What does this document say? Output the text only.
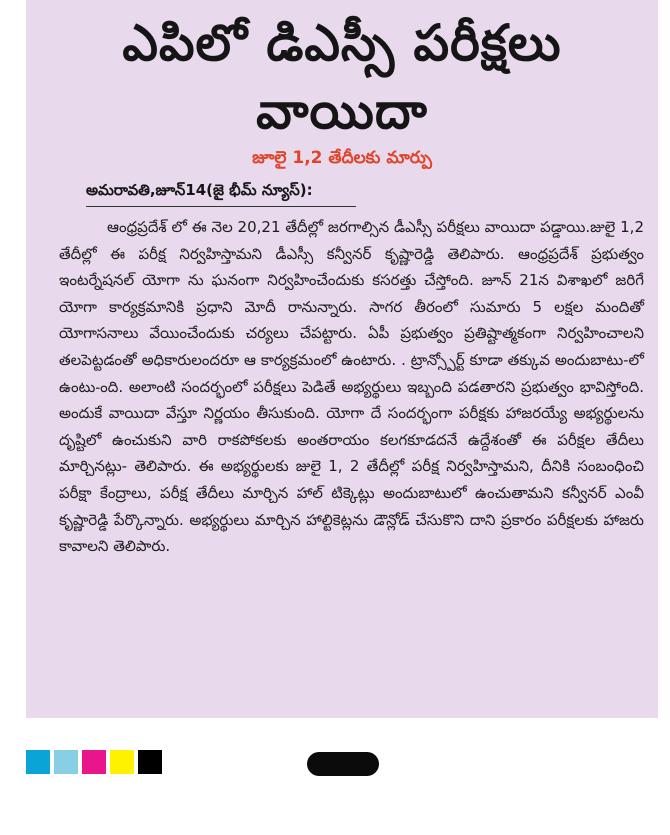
ఎపిలో డిఎస్సీ పరీక్షలు
వాయిదా
జూలై 1,2 తేదీలకు మార్పు
అమరావతి,జూన్14(జై భీమ్ న్యూస్):

ఆంధ్రప్రదేశ్ లో ఈ నెల 20,21 తేదీల్లో జరగాల్సిన డీఎస్సీ పరీక్షలు వాయిదా పడ్డాయి.జులై 1,2 తేదీల్లో ఈ పరీక్ష నిర్వహిస్తామని డీఎస్సీ కన్వీనర్ కృష్ణారెడ్డి తెలిపారు. ఆంధ్రప్రదేశ్ ప్రభుత్వం ఇంటర్నేషనల్ యోగా ను ఘనంగా నిర్వహించేందుకు కసరత్తు చేస్తోంది. జూన్ 21న విశాఖలో జరిగే యోగా కార్యక్రమానికి ప్రధాని మోదీ రానున్నారు. సాగర తీరంలో సుమారు 5 లక్షల మందితో యోగాసనాలు వేయించేందుకు చర్యలు చేపట్టారు. ఏపీ ప్రభుత్వం ప్రతిష్టాత్మకంగా నిర్వహించాలని తలపెట్టడంతో అధికారులందరూ ఆ కార్యక్రమంలో ఉంటారు. . ట్రాన్స్పోర్ట్ కూడా తక్కువ అందుబాటు-లో ఉంటు-ంది. అలాంటి సందర్భంలో పరీక్షలు పెడితే అభ్యర్థులు ఇబ్బంది పడతారని ప్రభుత్వం భావిస్తోంది. అందుకే వాయిదా వేస్తూ నిర్ణయం తీసుకుంది. యోగా దే సందర్భంగా పరీక్షకు హాజరయ్యే అభ్యర్థులను దృష్టిలో ఉంచుకుని వారి రాకపోకలకు అంతరాయం కలగకూడదనే ఉద్దేశంతో ఈ పరీక్షల తేదీలు మార్చినట్లు- తెలిపారు. ఈ అభ్యర్థులకు జులై 1, 2 తేదీల్లో పరీక్ష నిర్వహిస్తామని, దీనికి సంబంధించి పరీక్షా కేంద్రాలు, పరీక్ష తేదీలు మార్చిన హాల్ టిక్కెట్లు అందుబాటులో ఉంచుతామని కన్వీనర్ ఎంవీ కృష్ణారెడ్డి పేర్కొన్నారు. అభ్యర్థులు మార్చిన హాల్టికెట్లను డౌన్లోడ్ చేసుకొని దాని ప్రకారం పరీక్షలకు హాజరు కావాలని తెలిపారు.
